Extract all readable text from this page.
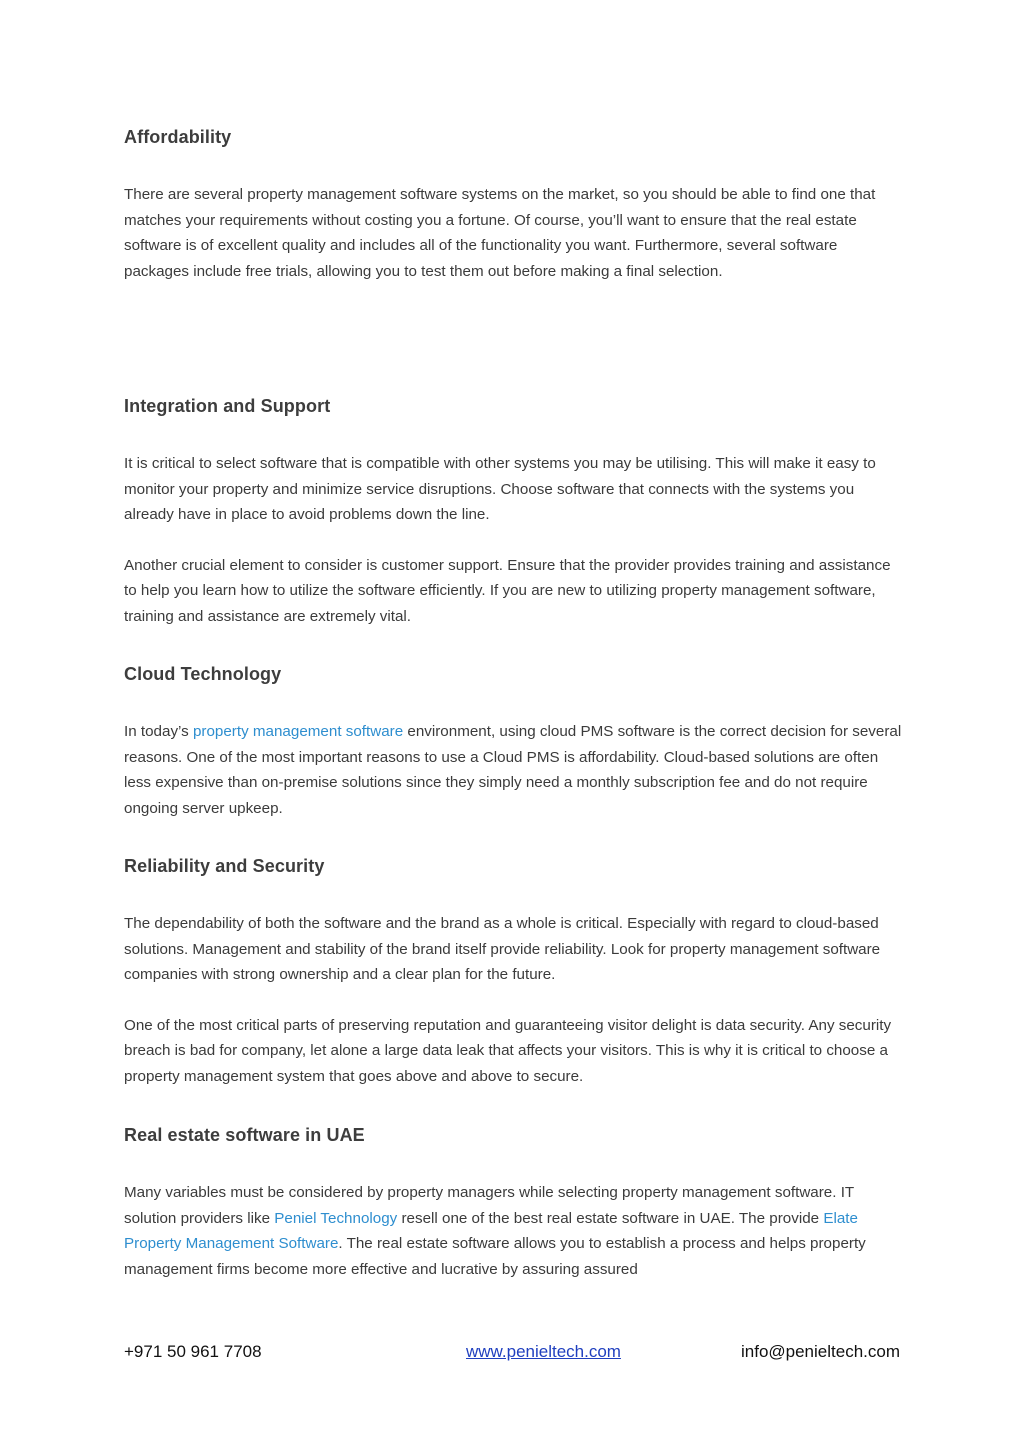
Affordability

There are several property management software systems on the market, so you should be able to find one that matches your requirements without costing you a fortune. Of course, you’ll want to ensure that the real estate software is of excellent quality and includes all of the functionality you want. Furthermore, several software packages include free trials, allowing you to test them out before making a final selection.

Integration and Support

It is critical to select software that is compatible with other systems you may be utilising. This will make it easy to monitor your property and minimize service disruptions. Choose software that connects with the systems you already have in place to avoid problems down the line.

Another crucial element to consider is customer support. Ensure that the provider provides training and assistance to help you learn how to utilize the software efficiently. If you are new to utilizing property management software, training and assistance are extremely vital.

Cloud Technology

In today’s property management software environment, using cloud PMS software is the correct decision for several reasons. One of the most important reasons to use a Cloud PMS is affordability. Cloud-based solutions are often less expensive than on-premise solutions since they simply need a monthly subscription fee and do not require ongoing server upkeep.

Reliability and Security

The dependability of both the software and the brand as a whole is critical. Especially with regard to cloud-based solutions. Management and stability of the brand itself provide reliability. Look for property management software companies with strong ownership and a clear plan for the future.

One of the most critical parts of preserving reputation and guaranteeing visitor delight is data security. Any security breach is bad for company, let alone a large data leak that affects your visitors. This is why it is critical to choose a property management system that goes above and above to secure.

Real estate software in UAE

Many variables must be considered by property managers while selecting property management software. IT solution providers like Peniel Technology resell one of the best real estate software in UAE. The provide Elate Property Management Software. The real estate software allows you to establish a process and helps property management firms become more effective and lucrative by assuring assured

+971 50 961 7708	www.penieltech.com	info@penieltech.com
